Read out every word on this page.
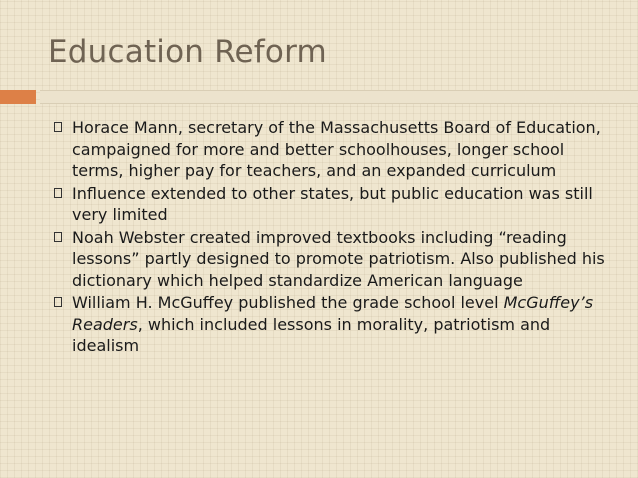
Education Reform
Horace Mann, secretary of the Massachusetts Board of Education, campaigned for more and better schoolhouses, longer school terms, higher pay for teachers, and an expanded curriculum
Influence extended to other states, but public education was still very limited
Noah Webster created improved textbooks including “reading lessons” partly designed to promote patriotism. Also published his dictionary which helped standardize American language
William H. McGuffey published the grade school level McGuffey’s Readers, which included lessons in morality, patriotism and idealism
